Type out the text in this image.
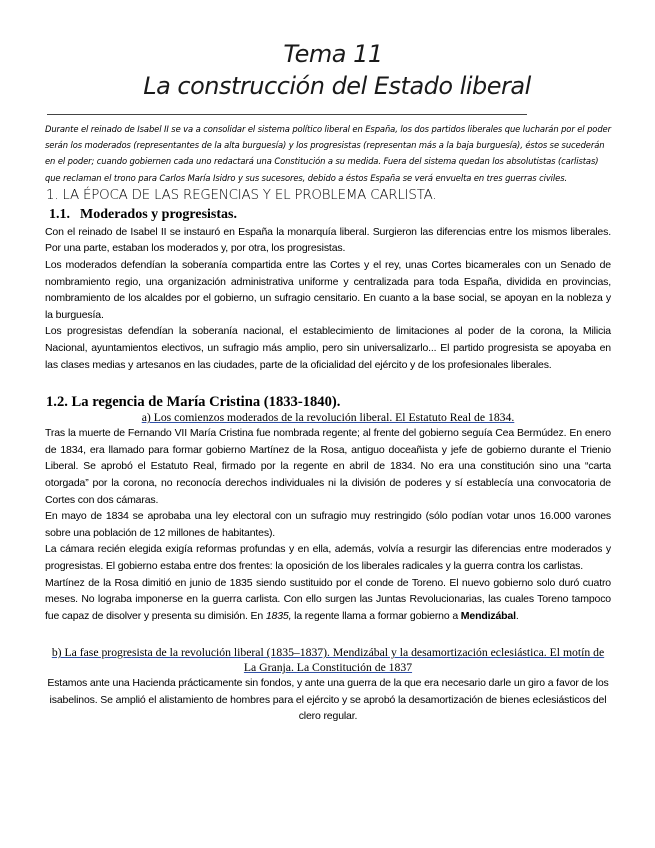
Tema 11
La construcción del Estado liberal

Durante el reinado de Isabel II se va a consolidar el sistema político liberal en España, los dos partidos liberales que lucharán por el poder serán los moderados (representantes de la alta burguesía) y los progresistas (representan más a la baja burguesía), éstos se sucederán en el poder; cuando gobiernen cada uno redactará una Constitución a su medida. Fuera del sistema quedan los absolutistas (carlistas) que reclaman el trono para Carlos María Isidro y sus sucesores, debido a éstos España se verá envuelta en tres guerras civiles.

1. LA ÉPOCA DE LAS REGENCIAS Y EL PROBLEMA CARLISTA.
1.1. Moderados y progresistas.

Con el reinado de Isabel II se instauró en España la monarquía liberal. Surgieron las diferencias entre los mismos liberales. Por una parte, estaban los moderados y, por otra, los progresistas.

Los moderados defendían la soberanía compartida entre las Cortes y el rey, unas Cortes bicamerales con un Senado de nombramiento regio, una organización administrativa uniforme y centralizada para toda España, dividida en provincias, nombramiento de los alcaldes por el gobierno, un sufragio censitario. En cuanto a la base social, se apoyan en la nobleza y la burguesía.

Los progresistas defendían la soberanía nacional, el establecimiento de limitaciones al poder de la corona, la Milicia Nacional, ayuntamientos electivos, un sufragio más amplio, pero sin universalizarlo... El partido progresista se apoyaba en las clases medias y artesanos en las ciudades, parte de la oficialidad del ejército y de los profesionales liberales.

1.2. La regencia de María Cristina (1833-1840).
a) Los comienzos moderados de la revolución liberal. El Estatuto Real de 1834.

Tras la muerte de Fernando VII María Cristina fue nombrada regente; al frente del gobierno seguía Cea Bermúdez. En enero de 1834, era llamado para formar gobierno Martínez de la Rosa, antiguo doceañista y jefe de gobierno durante el Trienio Liberal. Se aprobó el Estatuto Real, firmado por la regente en abril de 1834. No era una constitución sino una “carta otorgada” por la corona, no reconocía derechos individuales ni la división de poderes y sí establecía una convocatoria de Cortes con dos cámaras.

En mayo de 1834 se aprobaba una ley electoral con un sufragio muy restringido (sólo podían votar unos 16.000 varones sobre una población de 12 millones de habitantes).

La cámara recién elegida exigía reformas profundas y en ella, además, volvía a resurgir las diferencias entre moderados y progresistas. El gobierno estaba entre dos frentes: la oposición de los liberales radicales y la guerra contra los carlistas.

Martínez de la Rosa dimitió en junio de 1835 siendo sustituido por el conde de Toreno. El nuevo gobierno solo duró cuatro meses. No lograba imponerse en la guerra carlista. Con ello surgen las Juntas Revolucionarias, las cuales Toreno tampoco fue capaz de disolver y presenta su dimisión. En 1835, la regente llama a formar gobierno a Mendizábal.

b) La fase progresista de la revolución liberal (1835–1837). Mendizábal y la desamortización eclesiástica. El motín de La Granja. La Constitución de 1837

Estamos ante una Hacienda prácticamente sin fondos, y ante una guerra de la que era necesario darle un giro a favor de los isabelinos. Se amplió el alistamiento de hombres para el ejército y se aprobó la desamortización de bienes eclesiásticos del clero regular.
